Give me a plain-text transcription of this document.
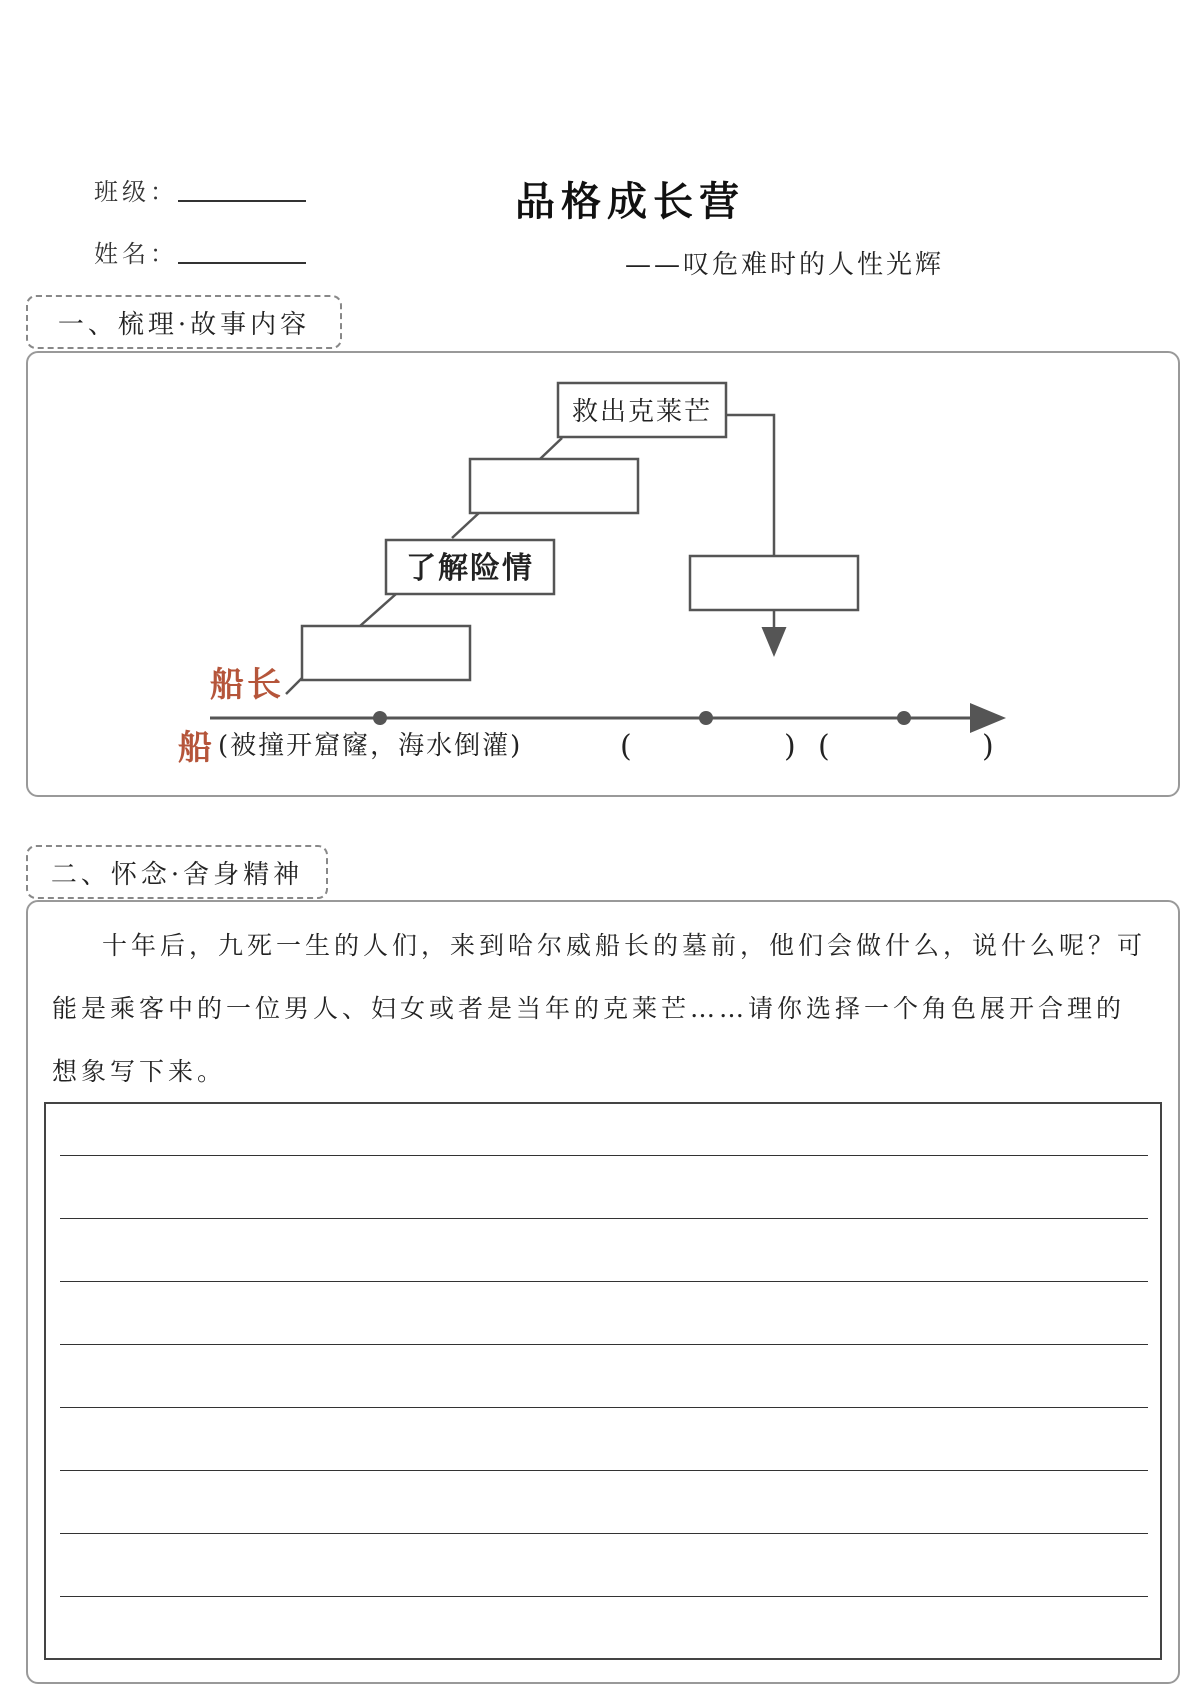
班级：
姓名：
品格成长营
——叹危难时的人性光辉
一、梳理·故事内容
救出克莱芒
了解险情
船长
船 (被撞开窟窿，海水倒灌)	(	) (	)
二、怀念·舍身精神
十年后，九死一生的人们，来到哈尔威船长的墓前，他们会做什么，说什么呢？可能是乘客中的一位男人、妇女或者是当年的克莱芒……请你选择一个角色展开合理的想象写下来。
